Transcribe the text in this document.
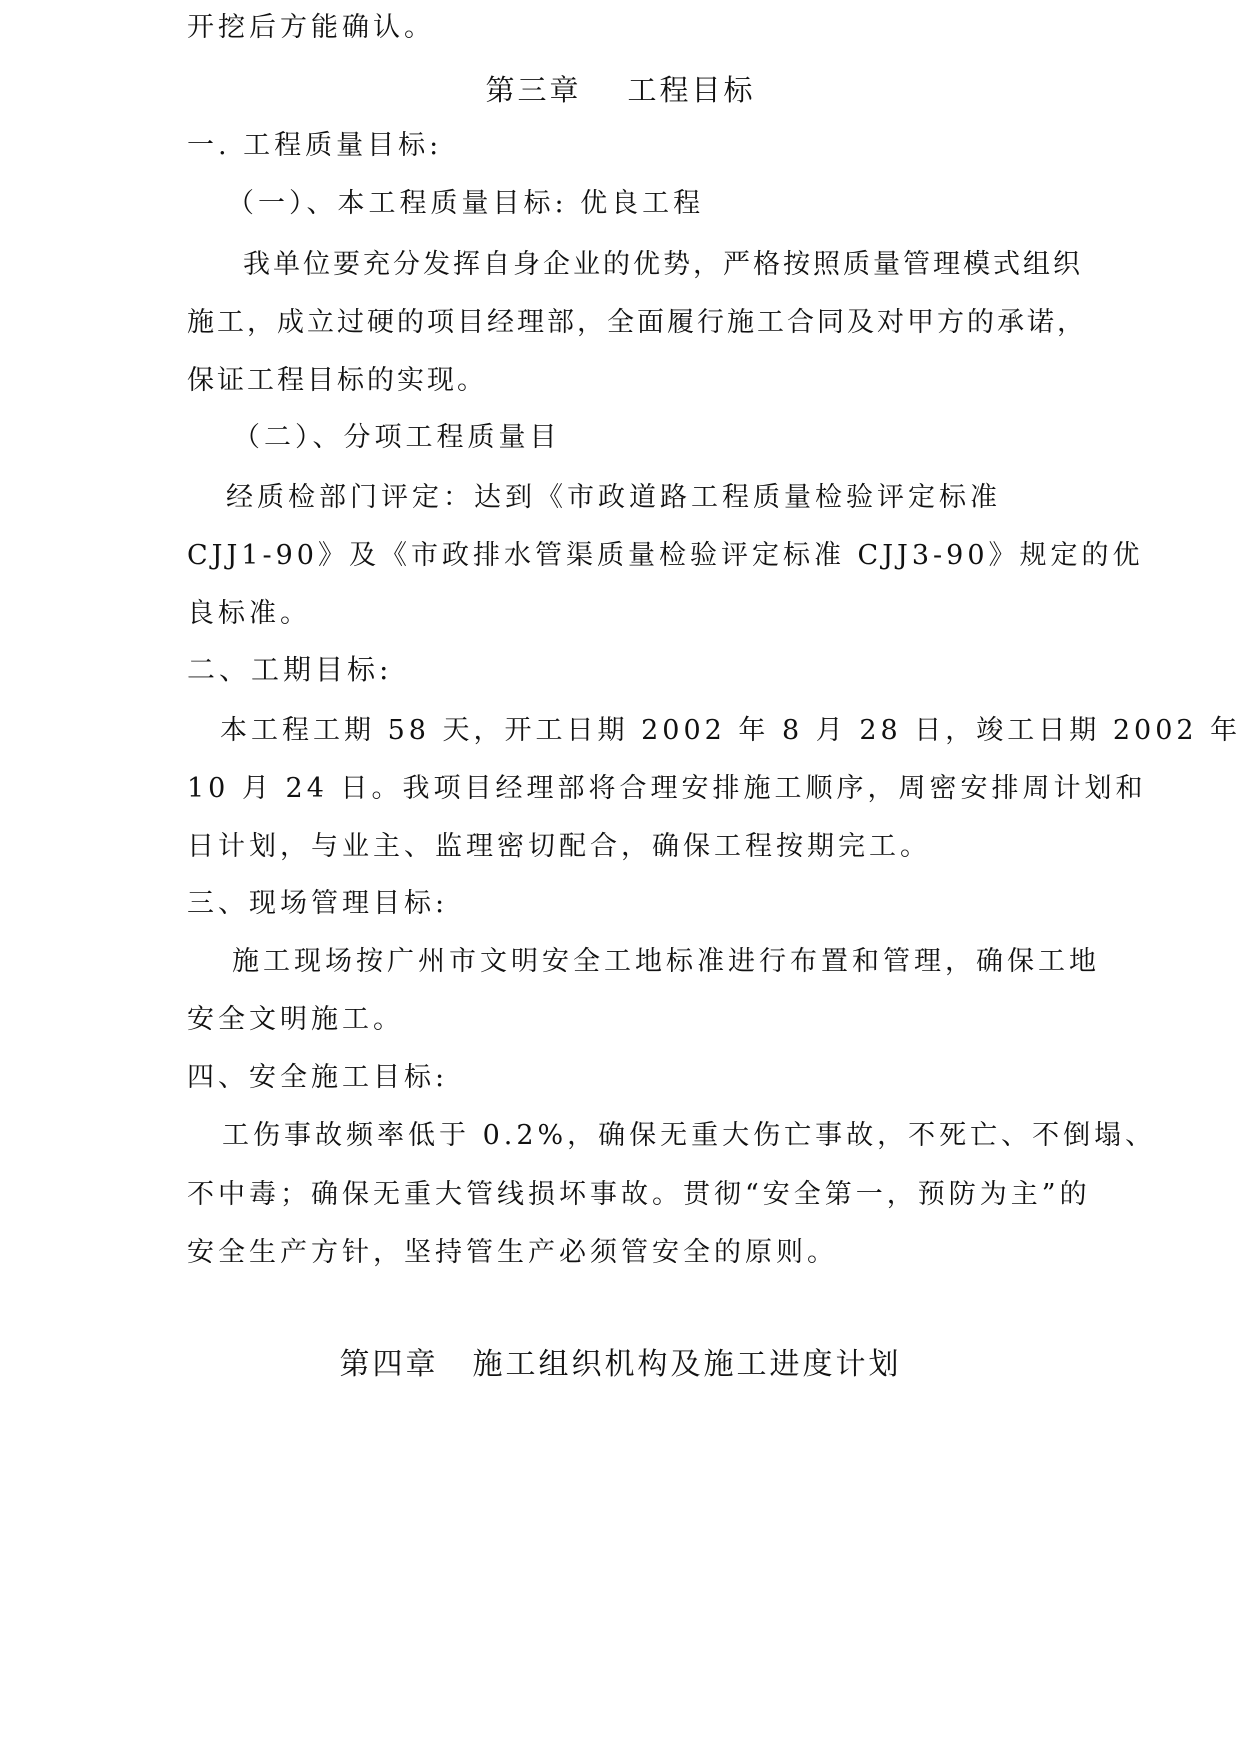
开挖后方能确认。
第三章 工程目标
一. 工程质量目标:
（一）、本工程质量目标: 优良工程
我单位要充分发挥自身企业的优势，严格按照质量管理模式组织
施工，成立过硬的项目经理部，全面履行施工合同及对甲方的承诺，
保证工程目标的实现。
（二）、分项工程质量目
经质检部门评定：达到《市政道路工程质量检验评定标准
CJJ1-90》及《市政排水管渠质量检验评定标准 CJJ3-90》规定的优
良标准。
二、工期目标:
本工程工期 58 天，开工日期 2002 年 8 月 28 日，竣工日期 2002 年
10 月 24 日。我项目经理部将合理安排施工顺序，周密安排周计划和
日计划，与业主、监理密切配合，确保工程按期完工。
三、现场管理目标:
施工现场按广州市文明安全工地标准进行布置和管理，确保工地
安全文明施工。
四、安全施工目标:
工伤事故频率低于 0.2%，确保无重大伤亡事故，不死亡、不倒塌、
不中毒；确保无重大管线损坏事故。贯彻“安全第一，预防为主”的
安全生产方针，坚持管生产必须管安全的原则。
第四章 施工组织机构及施工进度计划
